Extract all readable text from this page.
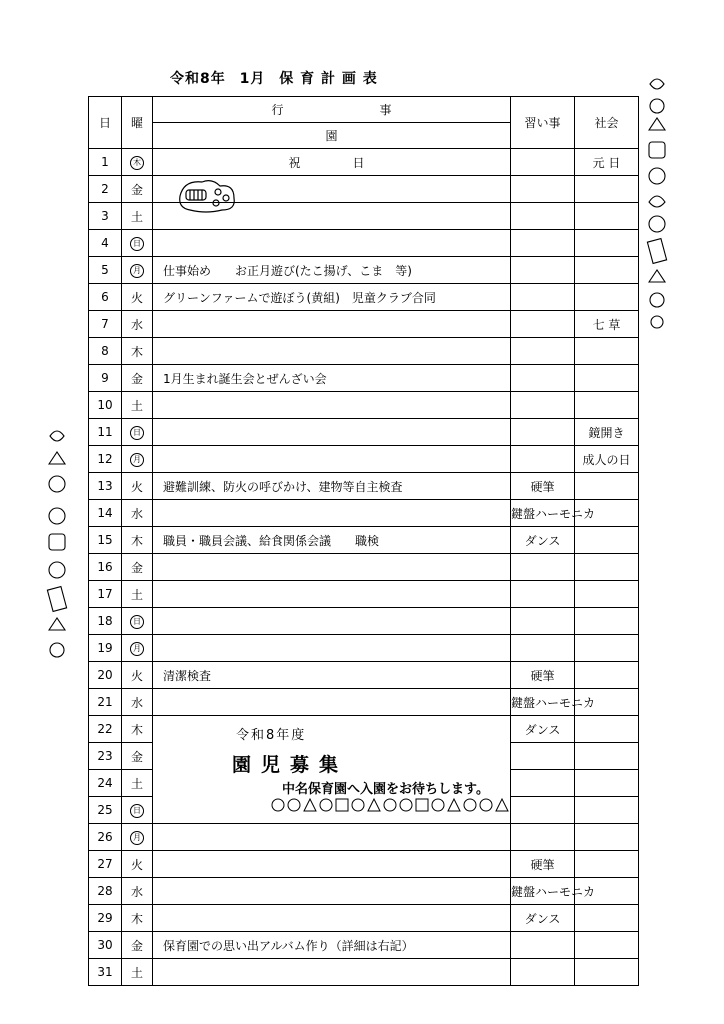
令和8年 1月 保 育 計 画 表
日	曜	行　　　　　　　　事	習い事	社会
		園		
1	木	祝　日		元 日
2	金			
3	土			
4	日			
5	月	仕事始め　　お正月遊び(たこ揚げ、こま　等)		
6	火	グリーンファームで遊ぼう(黄組)　児童クラブ合同		
7	水			七 草
8	木			
9	金	1月生まれ誕生会とぜんざい会		
10	土			
11	日			鏡開き
12	月			成人の日
13	火	避難訓練、防火の呼びかけ、建物等自主検査	硬筆	
14	水		鍵盤ハーモニカ	
15	木	職員・職員会議、給食関係会議　　職検	ダンス	
16	金			
17	土			
18	日			
19	月			
20	火	清潔検査	硬筆	
21	水		鍵盤ハーモニカ	
22	木		ダンス	
23	金			
24	土			
25	日			
26	月			
27	火		硬筆	
28	水		鍵盤ハーモニカ	
29	木		ダンス	
30	金	保育園での思い出アルバム作り（詳細は右記）		
31	土			
令和8年度
園児募集
中名保育園へ入園をお待ちします。
